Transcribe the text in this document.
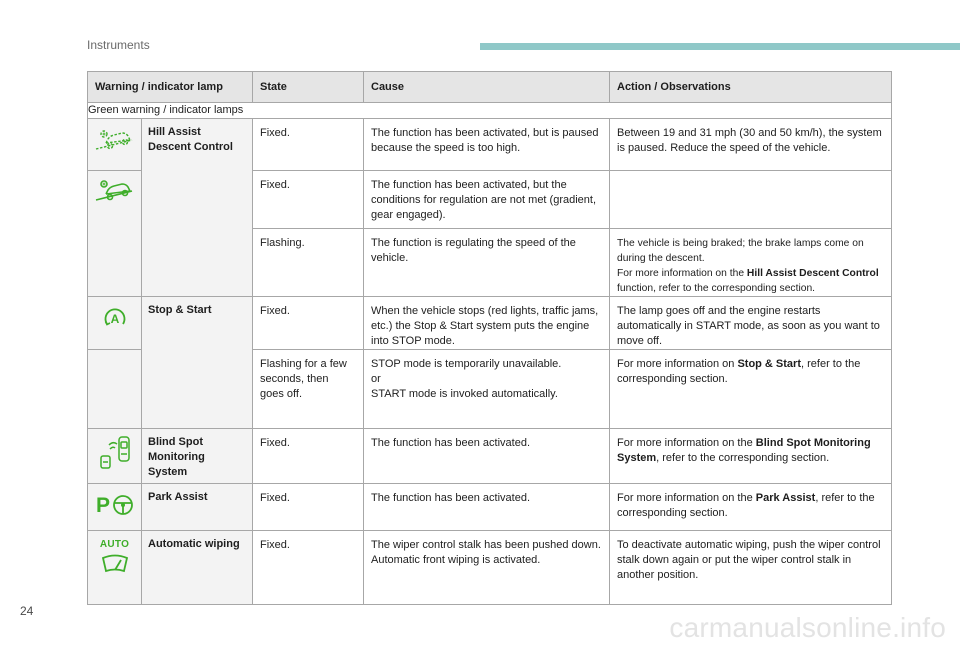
Instruments
Warning / indicator lamp		State	Cause	Action / Observations
Green warning / indicator lamps				

	Hill Assist Descent Control	Fixed.	The function has been activated, but is paused because the speed is too high.	Between 19 and 31 mph (30 and 50 km/h), the system is paused. Reduce the speed of the vehicle.

	Fixed.	The function has been activated, but the conditions for regulation are not met (gradient, gear engaged).	
		Flashing.	The function is regulating the speed of the vehicle.	The vehicle is being braked; the brake lamps come on during the descent.
For more information on the Hill Assist Descent Control function, refer to the corresponding section.

A	Stop & Start	Fixed.	When the vehicle stops (red lights, traffic jams, etc.) the Stop & Start system puts the engine into STOP mode.	The lamp goes off and the engine restarts automatically in START mode, as soon as you want to move off.
		Flashing for a few seconds, then goes off.	STOP mode is temporarily unavailable.
or
START mode is invoked automatically.	For more information on Stop & Start, refer to the corresponding section.

	Blind Spot Monitoring System	Fixed.	The function has been activated.	For more information on the Blind Spot Monitoring System, refer to the corresponding section.

P	Park Assist	Fixed.	The function has been activated.	For more information on the Park Assist, refer to the corresponding section.

AUTO	Automatic wiping	Fixed.	The wiper control stalk has been pushed down.
Automatic front wiping is activated.	To deactivate automatic wiping, push the wiper control stalk down again or put the wiper control stalk in another position.
24
carmanualsonline.info
